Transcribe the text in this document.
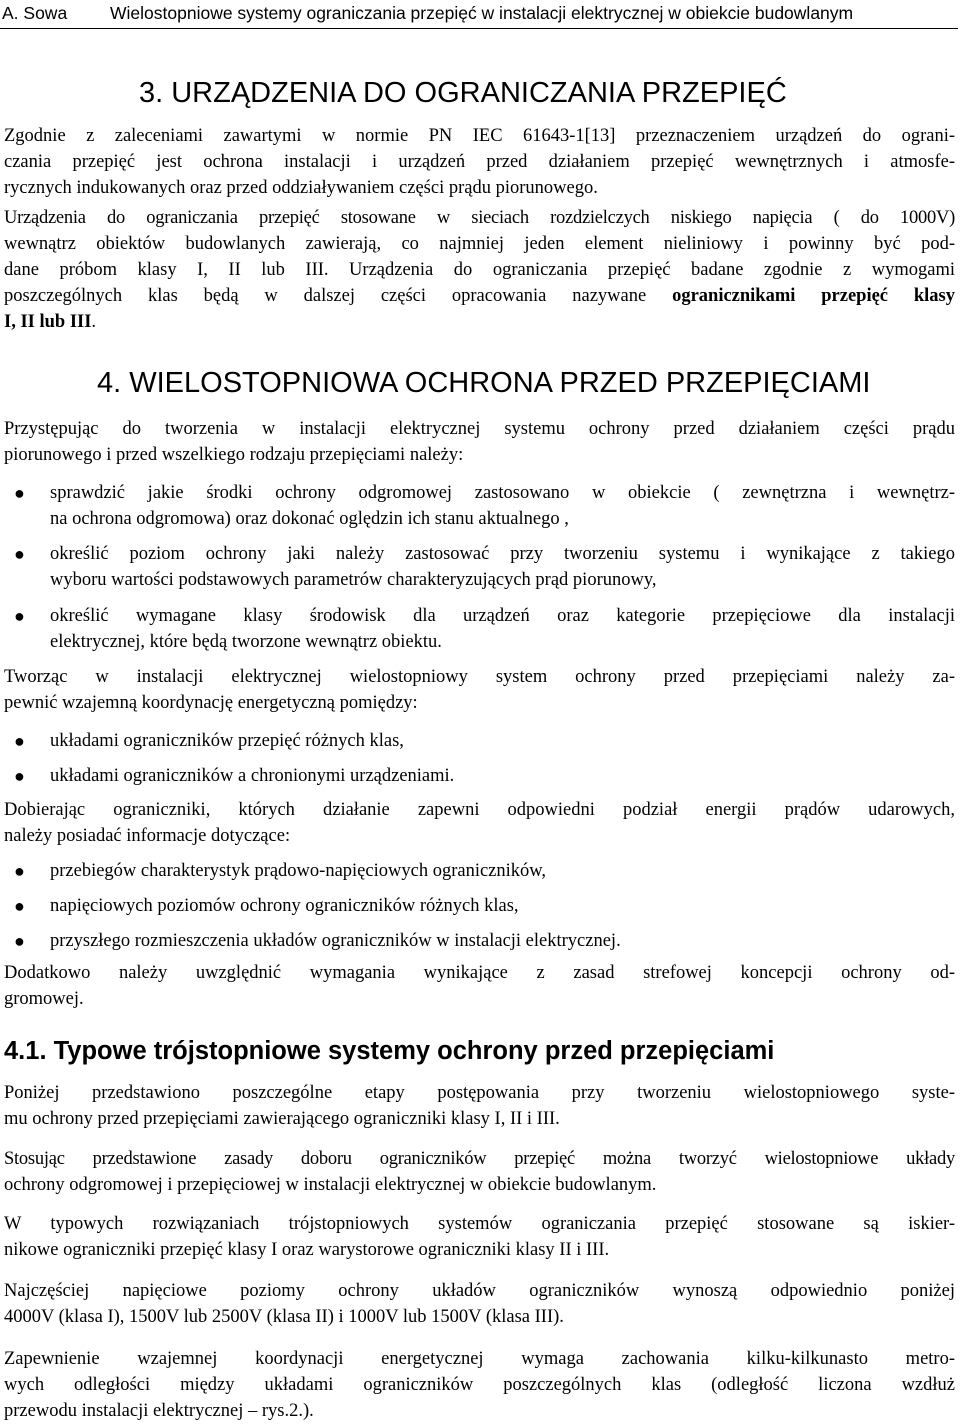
A. Sowa Wielostopniowe systemy ograniczania przepięć w instalacji elektrycznej w obiekcie budowlanym
3. URZĄDZENIA DO OGRANICZANIA PRZEPIĘĆ
Zgodnie z zaleceniami zawartymi w normie PN IEC 61643-1[13] przeznaczeniem urządzeń do ograni-
czania przepięć jest ochrona instalacji i urządzeń przed działaniem przepięć wewnętrznych i atmosfe-
rycznych indukowanych oraz przed oddziaływaniem części prądu piorunowego.
Urządzenia do ograniczania przepięć stosowane w sieciach rozdzielczych niskiego napięcia ( do 1000V)
wewnątrz obiektów budowlanych zawierają, co najmniej jeden element nieliniowy i powinny być pod-
dane próbom klasy I, II lub III. Urządzenia do ograniczania przepięć badane zgodnie z wymogami
poszczególnych klas będą w dalszej części opracowania nazywane ogranicznikami przepięć klasy
I, II lub III.
4. WIELOSTOPNIOWA OCHRONA PRZED PRZEPIĘCIAMI
Przystępując do tworzenia w instalacji elektrycznej systemu ochrony przed działaniem części prądu
piorunowego i przed wszelkiego rodzaju przepięciami należy:
● sprawdzić jakie środki ochrony odgromowej zastosowano w obiekcie ( zewnętrzna i wewnętrz-
na ochrona odgromowa) oraz dokonać oględzin ich stanu aktualnego ,
● określić poziom ochrony jaki należy zastosować przy tworzeniu systemu i wynikające z takiego
wyboru wartości podstawowych parametrów charakteryzujących prąd piorunowy,
● określić wymagane klasy środowisk dla urządzeń oraz kategorie przepięciowe dla instalacji
elektrycznej, które będą tworzone wewnątrz obiektu.
Tworząc w instalacji elektrycznej wielostopniowy system ochrony przed przepięciami należy za-
pewnić wzajemną koordynację energetyczną pomiędzy:
● układami ograniczników przepięć różnych klas,
● układami ograniczników a chronionymi urządzeniami.
Dobierając ograniczniki, których działanie zapewni odpowiedni podział energii prądów udarowych,
należy posiadać informacje dotyczące:
● przebiegów charakterystyk prądowo-napięciowych ograniczników,
● napięciowych poziomów ochrony ograniczników różnych klas,
● przyszłego rozmieszczenia układów ograniczników w instalacji elektrycznej.
Dodatkowo należy uwzględnić wymagania wynikające z zasad strefowej koncepcji ochrony od-
gromowej.
4.1. Typowe trójstopniowe systemy ochrony przed przepięciami
Poniżej przedstawiono poszczególne etapy postępowania przy tworzeniu wielostopniowego syste-
mu ochrony przed przepięciami zawierającego ograniczniki klasy I, II i III.
Stosując przedstawione zasady doboru ograniczników przepięć można tworzyć wielostopniowe układy
ochrony odgromowej i przepięciowej w instalacji elektrycznej w obiekcie budowlanym.
W typowych rozwiązaniach trójstopniowych systemów ograniczania przepięć stosowane są iskier-
nikowe ograniczniki przepięć klasy I oraz warystorowe ograniczniki klasy II i III.
Najczęściej napięciowe poziomy ochrony układów ograniczników wynoszą odpowiednio poniżej
4000V (klasa I), 1500V lub 2500V (klasa II) i 1000V lub 1500V (klasa III).
Zapewnienie wzajemnej koordynacji energetycznej wymaga zachowania kilku-kilkunasto metro-
wych odległości między układami ograniczników poszczególnych klas (odległość liczona wzdłuż
przewodu instalacji elektrycznej – rys.2.).
